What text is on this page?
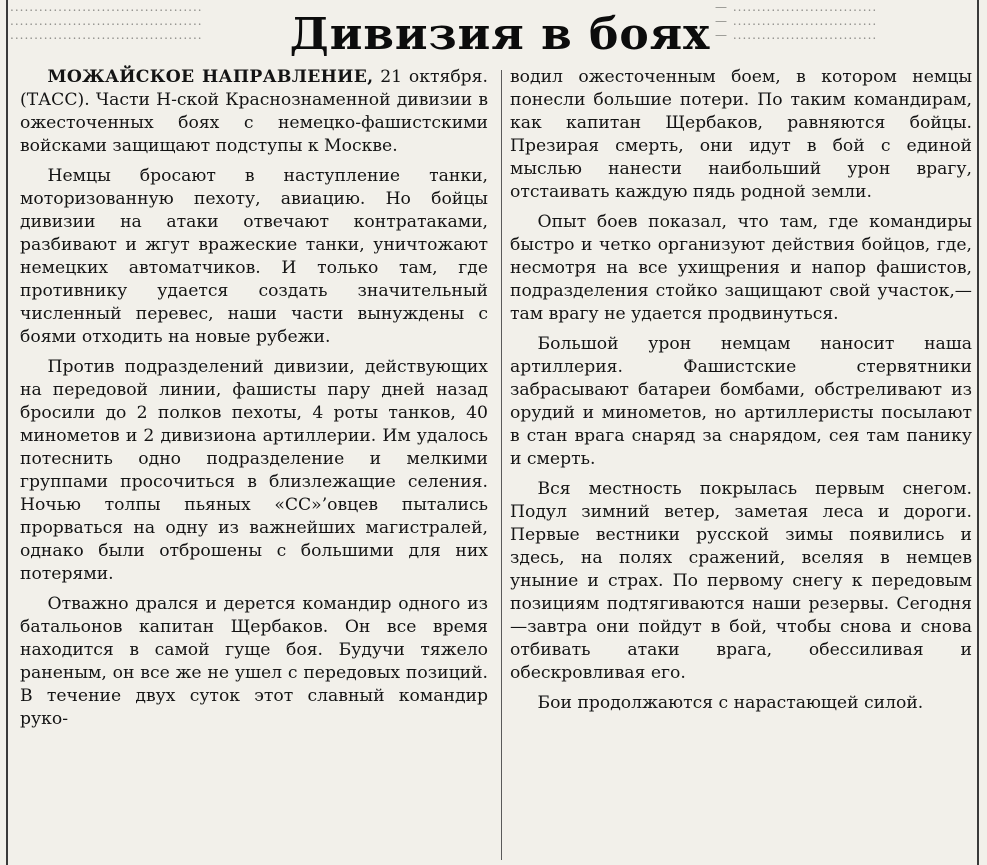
........................................
........................................
........................................
— ..............................
— ..............................
— ..............................
Дивизия в боях

МОЖАЙСКОЕ НАПРАВЛЕНИЕ, 21 октября. (ТАСС). Части Н-ской Краснознаменной дивизии в ожесточенных боях с немецко-фашистскими войсками защищают подступы к Москве.

Немцы бросают в наступление танки, моторизованную пехоту, авиацию. Но бойцы дивизии на атаки отвечают контратаками, разбивают и жгут вражеские танки, уничтожают немецких автоматчиков. И только там, где противнику удается создать значительный численный перевес, наши части вынуждены с боями отходить на новые рубежи.

Против подразделений дивизии, действующих на передовой линии, фашисты пару дней назад бросили до 2 полков пехоты, 4 роты танков, 40 минометов и 2 дивизиона артиллерии. Им удалось потеснить одно подразделение и мелкими группами просочиться в близлежащие селения. Ночью толпы пьяных «СС»’овцев пытались прорваться на одну из важнейших магистралей, однако были отброшены с большими для них потерями.

Отважно дрался и дерется командир одного из батальонов капитан Щербаков. Он все время находится в самой гуще боя. Будучи тяжело раненым, он все же не ушел с передовых позиций. В течение двух суток этот славный командир руко-

водил ожесточенным боем, в котором немцы понесли большие потери. По таким командирам, как капитан Щербаков, равняются бойцы. Презирая смерть, они идут в бой с единой мыслью нанести наибольший урон врагу, отстаивать каждую пядь родной земли.

Опыт боев показал, что там, где командиры быстро и четко организуют действия бойцов, где, несмотря на все ухищрения и напор фашистов, подразделения стойко защищают свой участок,—там врагу не удается продвинуться.

Большой урон немцам наносит наша артиллерия. Фашистские стервятники забрасывают батареи бомбами, обстреливают из орудий и минометов, но артиллеристы посылают в стан врага снаряд за снарядом, сея там панику и смерть.

Вся местность покрылась первым снегом. Подул зимний ветер, заметая леса и дороги. Первые вестники русской зимы появились и здесь, на полях сражений, вселяя в немцев уныние и страх. По первому снегу к передовым позициям подтягиваются наши резервы. Сегодня—завтра они пойдут в бой, чтобы снова и снова отбивать атаки врага, обессиливая и обескровливая его.

Бои продолжаются с нарастающей силой.
